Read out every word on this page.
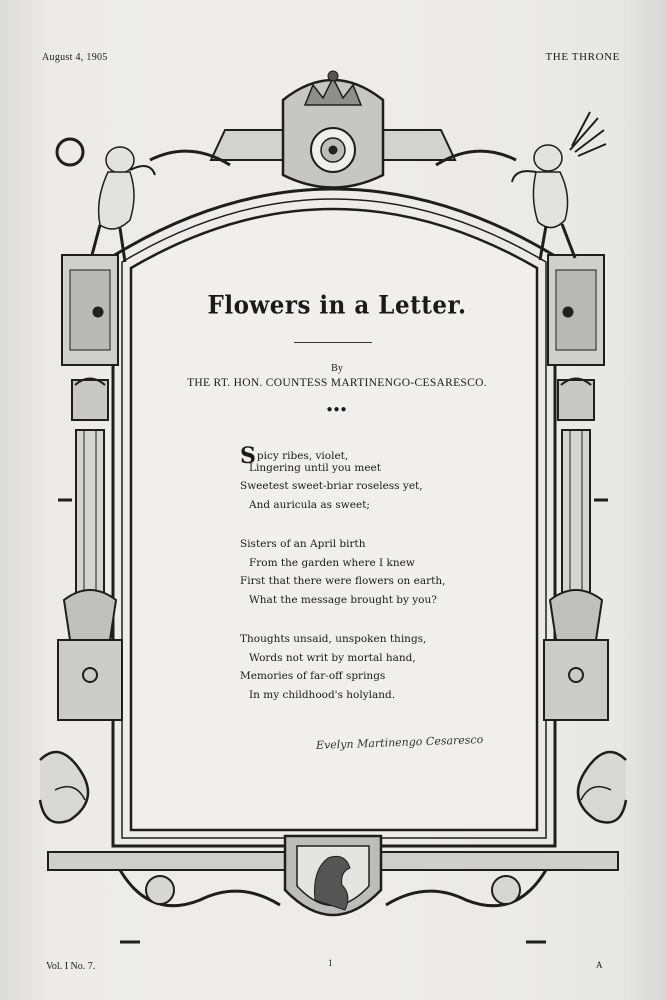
August 4, 1905	THE THRONE
Flowers in a Letter.
By
THE RT. HON. COUNTESS MARTINENGO-CESARESCO.
●●●
Spicy ribes, violet,
Lingering until you meet
Sweetest sweet-briar roseless yet,
And auricula as sweet;
Sisters of an April birth
From the garden where I knew
First that there were flowers on earth,
What the message brought by you?
Thoughts unsaid, unspoken things,
Words not writ by mortal hand,
Memories of far-off springs
In my childhood's holyland.
Evelyn Martinengo Cesaresco
Vol. I No. 7.	1	A
